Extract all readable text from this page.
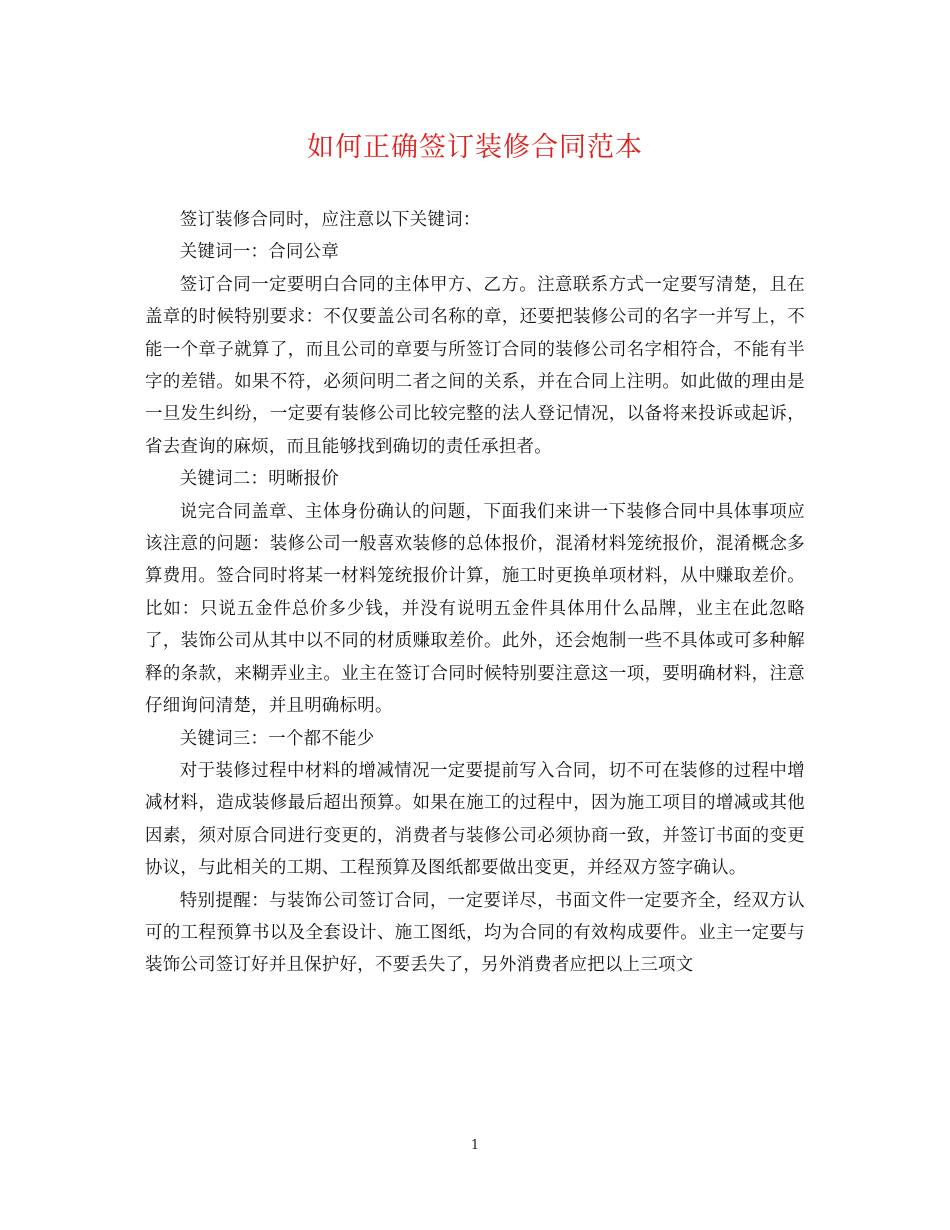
如何正确签订装修合同范本

签订装修合同时，应注意以下关键词：

关键词一：合同公章

签订合同一定要明白合同的主体甲方、乙方。注意联系方式一定要写清楚，且在盖章的时候特别要求：不仅要盖公司名称的章，还要把装修公司的名字一并写上，不能一个章子就算了，而且公司的章要与所签订合同的装修公司名字相符合，不能有半字的差错。如果不符，必须问明二者之间的关系，并在合同上注明。如此做的理由是一旦发生纠纷，一定要有装修公司比较完整的法人登记情况，以备将来投诉或起诉，省去查询的麻烦，而且能够找到确切的责任承担者。

关键词二：明晰报价

说完合同盖章、主体身份确认的问题，下面我们来讲一下装修合同中具体事项应该注意的问题：装修公司一般喜欢装修的总体报价，混淆材料笼统报价，混淆概念多算费用。签合同时将某一材料笼统报价计算，施工时更换单项材料，从中赚取差价。比如：只说五金件总价多少钱，并没有说明五金件具体用什么品牌，业主在此忽略了，装饰公司从其中以不同的材质赚取差价。此外，还会炮制一些不具体或可多种解释的条款，来糊弄业主。业主在签订合同时候特别要注意这一项，要明确材料，注意仔细询问清楚，并且明确标明。

关键词三：一个都不能少

对于装修过程中材料的增减情况一定要提前写入合同，切不可在装修的过程中增减材料，造成装修最后超出预算。如果在施工的过程中，因为施工项目的增减或其他因素，须对原合同进行变更的，消费者与装修公司必须协商一致，并签订书面的变更协议，与此相关的工期、工程预算及图纸都要做出变更，并经双方签字确认。

特别提醒：与装饰公司签订合同，一定要详尽，书面文件一定要齐全，经双方认可的工程预算书以及全套设计、施工图纸，均为合同的有效构成要件。业主一定要与装饰公司签订好并且保护好，不要丢失了，另外消费者应把以上三项文

1
